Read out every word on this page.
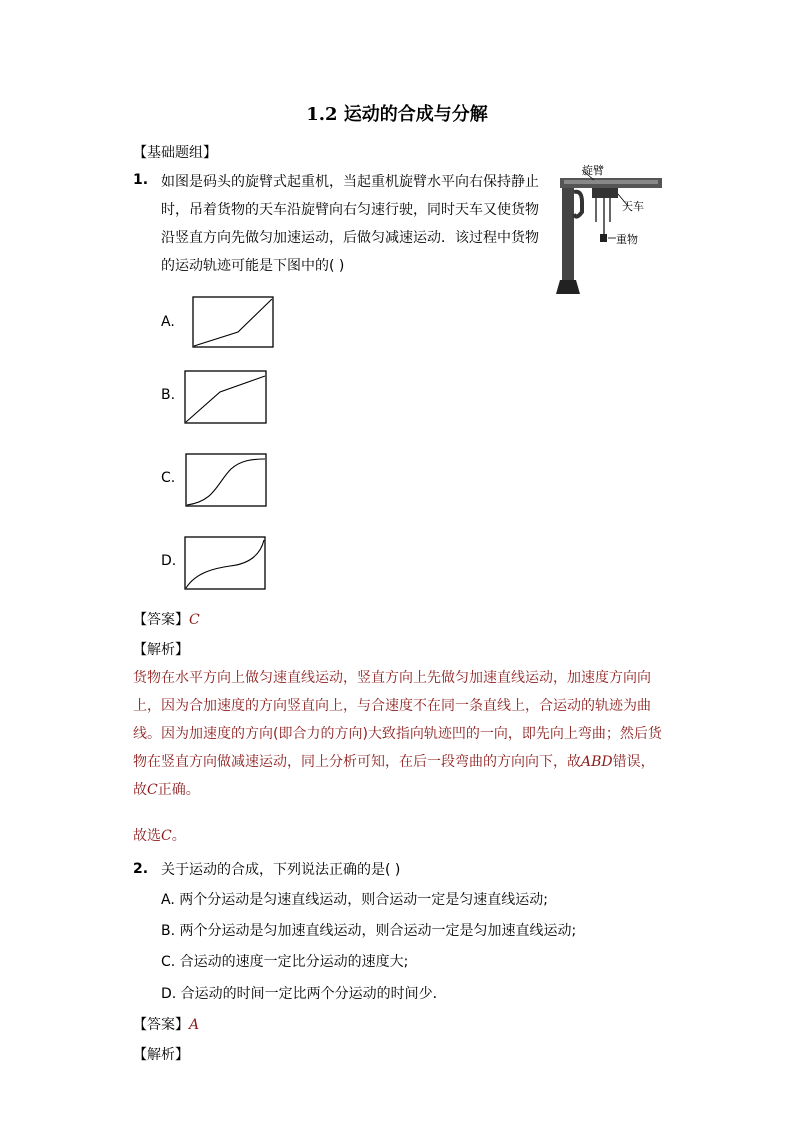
1.2 运动的合成与分解
【基础题组】
1. 如图是码头的旋臂式起重机，当起重机旋臂水平向右保持静止时，吊着货物的天车沿旋臂向右匀速行驶，同时天车又使货物沿竖直方向先做匀加速运动，后做匀减速运动．该过程中货物的运动轨迹可能是下图中的( )
旋臂
天车
重物
A.
B.
C.
D.
【答案】C
【解析】
货物在水平方向上做匀速直线运动，竖直方向上先做匀加速直线运动，加速度方向向上，因为合加速度的方向竖直向上，与合速度不在同一条直线上，合运动的轨迹为曲线。因为加速度的方向(即合力的方向)大致指向轨迹凹的一向，即先向上弯曲；然后货物在竖直方向做减速运动，同上分析可知，在后一段弯曲的方向向下，故ABD错误，故C正确。
故选C。
2. 关于运动的合成，下列说法正确的是( )
A. 两个分运动是匀速直线运动，则合运动一定是匀速直线运动;
B. 两个分运动是匀加速直线运动，则合运动一定是匀加速直线运动;
C. 合运动的速度一定比分运动的速度大;
D. 合运动的时间一定比两个分运动的时间少．
【答案】A
【解析】
